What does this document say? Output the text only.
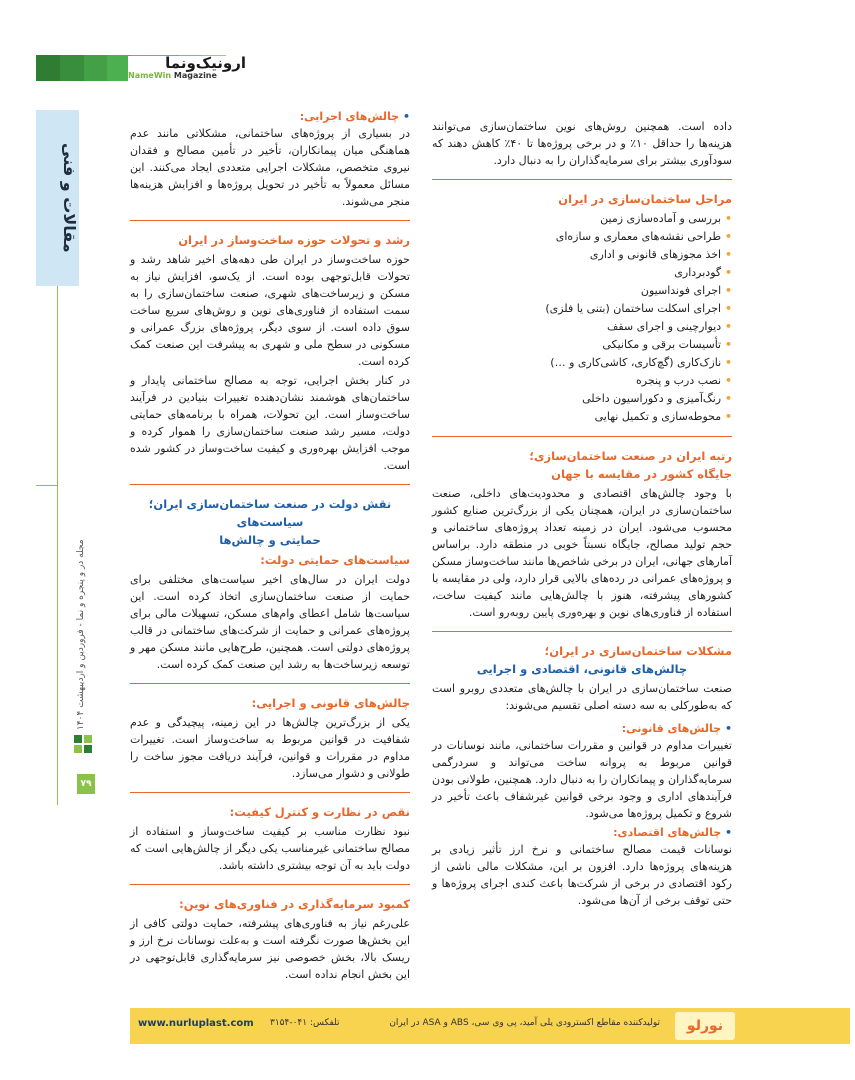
ارونیک‌ونما
NameWin Magazine
مقالات و فنی
مجله در و پنجره و نما - فروردین و اردیبهشت ۱۴۰۴
۷۹

داده است. همچنین روش‌های نوین ساختمان‌سازی می‌توانند هزینه‌ها را حداقل ۱۰٪ و در برخی پروژه‌ها تا ۴۰٪ کاهش دهند که سودآوری بیشتر برای سرمایه‌گذاران را به دنبال دارد.

مراحل ساختمان‌سازی در ایران
• بررسی و آماده‌سازی زمین
• طراحی نقشه‌های معماری و سازه‌ای
• اخذ مجوزهای قانونی و اداری
• گودبرداری
• اجرای فونداسیون
• اجرای اسکلت ساختمان (بتنی یا فلزی)
• دیوارچینی و اجرای سقف
• تأسیسات برقی و مکانیکی
• نازک‌کاری (گچ‌کاری، کاشی‌کاری و …)
• نصب درب و پنجره
• رنگ‌آمیزی و دکوراسیون داخلی
• محوطه‌سازی و تکمیل نهایی
رتبه ایران در صنعت ساختمان‌سازی؛
جایگاه کشور در مقایسه با جهان

با وجود چالش‌های اقتصادی و محدودیت‌های داخلی، صنعت ساختمان‌سازی در ایران، همچنان یکی از بزرگ‌ترین صنایع کشور محسوب می‌شود. ایران در زمینه تعداد پروژه‌های ساختمانی و حجم تولید مصالح، جایگاه نسبتاً خوبی در منطقه دارد. براساس آمارهای جهانی، ایران در برخی شاخص‌ها مانند ساخت‌وساز مسکن و پروژه‌های عمرانی در رده‌های بالایی قرار دارد، ولی در مقایسه با کشورهای پیشرفته، هنوز با چالش‌هایی مانند کیفیت ساخت، استفاده از فناوری‌های نوین و بهره‌وری پایین روبه‌رو است.

مشکلات ساختمان‌سازی در ایران؛
چالش‌های قانونی، اقتصادی و اجرایی

صنعت ساختمان‌سازی در ایران با چالش‌های متعددی روبرو است که به‌طورکلی به سه دسته اصلی تقسیم می‌شوند:

• چالش‌های قانونی:

تغییرات مداوم در قوانین و مقررات ساختمانی، مانند نوسانات در قوانین مربوط به پروانه ساخت می‌تواند و سردرگمی سرمایه‌گذاران و پیمانکاران را به دنبال دارد. همچنین، طولانی بودن فرآیندهای اداری و وجود برخی قوانین غیرشفاف باعث تأخیر در شروع و تکمیل پروژه‌ها می‌شود.

• چالش‌های اقتصادی:

نوسانات قیمت مصالح ساختمانی و نرخ ارز تأثیر زیادی بر هزینه‌های پروژه‌ها دارد. افزون بر این، مشکلات مالی ناشی از رکود اقتصادی در برخی از شرکت‌ها باعث کندی اجرای پروژه‌ها و حتی توقف برخی از آن‌ها می‌شود.

• چالش‌های اجرایی:

در بسیاری از پروژه‌های ساختمانی، مشکلاتی مانند عدم هماهنگی میان پیمانکاران، تأخیر در تأمین مصالح و فقدان نیروی متخصص، مشکلات اجرایی متعددی ایجاد می‌کنند. این مسائل معمولاً به تأخیر در تحویل پروژه‌ها و افزایش هزینه‌ها منجر می‌شوند.

رشد و تحولات حوزه ساخت‌وساز در ایران

حوزه ساخت‌وساز در ایران طی دهه‌های اخیر شاهد رشد و تحولات قابل‌توجهی بوده است. از یک‌سو، افزایش نیاز به مسکن و زیرساخت‌های شهری، صنعت ساختمان‌سازی را به سمت استفاده از فناوری‌های نوین و روش‌های سریع ساخت سوق داده است. از سوی دیگر، پروژه‌های بزرگ عمرانی و مسکونی در سطح ملی و شهری به پیشرفت این صنعت کمک کرده است.

در کنار بخش اجرایی، توجه به مصالح ساختمانی پایدار و ساختمان‌های هوشمند نشان‌دهنده تغییرات بنیادین در فرآیند ساخت‌وساز است. این تحولات، همراه با برنامه‌های حمایتی دولت، مسیر رشد صنعت ساختمان‌سازی را هموار کرده و موجب افزایش بهره‌وری و کیفیت ساخت‌وساز در کشور شده است.

نقش دولت در صنعت ساختمان‌سازی ایران؛ سیاست‌های
حمایتی و چالش‌ها
سیاست‌های حمایتی دولت:

دولت ایران در سال‌های اخیر سیاست‌های مختلفی برای حمایت از صنعت ساختمان‌سازی اتخاذ کرده است. این سیاست‌ها شامل اعطای وام‌های مسکن، تسهیلات مالی برای پروژه‌های عمرانی و حمایت از شرکت‌های ساختمانی در قالب پروژه‌های دولتی است. همچنین، طرح‌هایی مانند مسکن مهر و توسعه زیرساخت‌ها به رشد این صنعت کمک کرده است.

چالش‌های قانونی و اجرایی:

یکی از بزرگ‌ترین چالش‌ها در این زمینه، پیچیدگی و عدم شفافیت در قوانین مربوط به ساخت‌وساز است. تغییرات مداوم در مقررات و قوانین، فرآیند دریافت مجوز ساخت را طولانی و دشوار می‌سازد.

نقص در نظارت و کنترل کیفیت:

نبود نظارت مناسب بر کیفیت ساخت‌وساز و استفاده از مصالح ساختمانی غیرمناسب یکی دیگر از چالش‌هایی است که دولت باید به آن توجه بیشتری داشته باشد.

کمبود سرمایه‌گذاری در فناوری‌های نوین:

علی‌رغم نیاز به فناوری‌های پیشرفته، حمایت دولتی کافی از این بخش‌ها صورت نگرفته است و به‌علت نوسانات نرخ ارز و ریسک بالا، بخش خصوصی نیز سرمایه‌گذاری قابل‌توجهی در این بخش انجام نداده است.

www.nurluplast.com تلفکس: ۰۴۱-۳۱۵۴	تولیدکننده مقاطع اکسترودی یلی آمید، پی وی سی، ABS و ASA در ایران	نورلو
